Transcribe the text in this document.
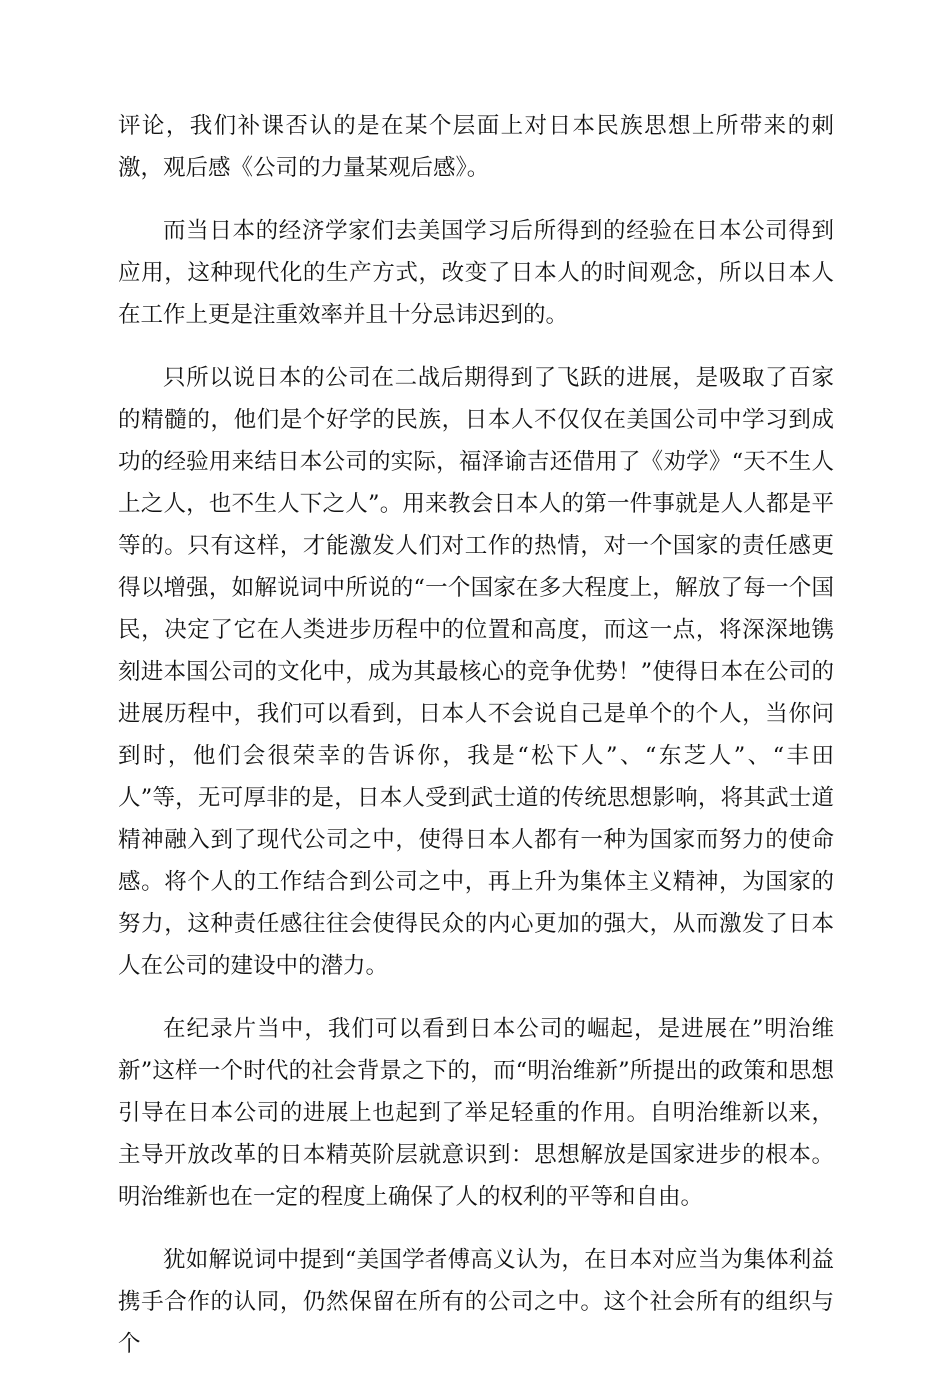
评论，我们补课否认的是在某个层面上对日本民族思想上所带来的刺激，观后感《公司的力量某观后感》。

而当日本的经济学家们去美国学习后所得到的经验在日本公司得到应用，这种现代化的生产方式，改变了日本人的时间观念，所以日本人在工作上更是注重效率并且十分忌讳迟到的。

只所以说日本的公司在二战后期得到了飞跃的进展，是吸取了百家的精髓的，他们是个好学的民族，日本人不仅仅在美国公司中学习到成功的经验用来结日本公司的实际，福泽谕吉还借用了《劝学》“天不生人上之人，也不生人下之人”。用来教会日本人的第一件事就是人人都是平等的。只有这样，才能激发人们对工作的热情，对一个国家的责任感更得以增强，如解说词中所说的“一个国家在多大程度上，解放了每一个国民，决定了它在人类进步历程中的位置和高度，而这一点，将深深地镌刻进本国公司的文化中，成为其最核心的竞争优势！”使得日本在公司的进展历程中，我们可以看到，日本人不会说自己是单个的个人，当你问到时，他们会很荣幸的告诉你，我是“松下人”、“东芝人”、“丰田人”等，无可厚非的是，日本人受到武士道的传统思想影响，将其武士道精神融入到了现代公司之中，使得日本人都有一种为国家而努力的使命感。将个人的工作结合到公司之中，再上升为集体主义精神，为国家的努力，这种责任感往往会使得民众的内心更加的强大，从而激发了日本人在公司的建设中的潜力。

在纪录片当中，我们可以看到日本公司的崛起，是进展在”明治维新”这样一个时代的社会背景之下的，而“明治维新”所提出的政策和思想引导在日本公司的进展上也起到了举足轻重的作用。自明治维新以来，主导开放改革的日本精英阶层就意识到：思想解放是国家进步的根本。明治维新也在一定的程度上确保了人的权利的平等和自由。

犹如解说词中提到“美国学者傅高义认为，在日本对应当为集体利益携手合作的认同，仍然保留在所有的公司之中。这个社会所有的组织与个
